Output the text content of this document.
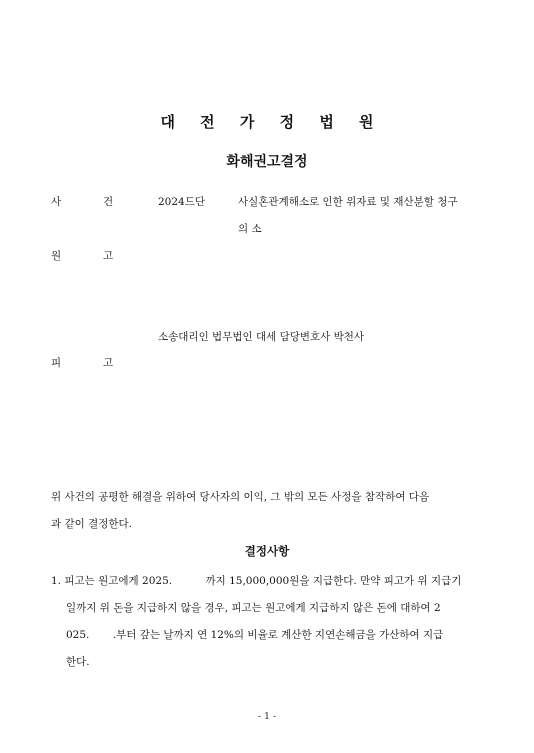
대 전 가 정 법 원
화해권고결정
사	건	2024드단	사실혼관계해소로 인한 위자료 및 재산분할 청구
의 소
원	고
소송대리인 법무법인 대세 담당변호사 박천사
피	고
위 사건의 공평한 해결을 위하여 당사자의 이익, 그 밖의 모든 사정을 참작하여 다음
과 같이 결정한다.
결정사항
1. 피고는 원고에게 2025.          까지 15,000,000원을 지급한다. 만약 피고가 위 지급기
일까지 위 돈을 지급하지 않을 경우, 피고는 원고에게 지급하지 않은 돈에 대하여 2
025.       .부터 갚는 날까지 연 12%의 비율로 계산한 지연손해금을 가산하여 지급
한다.
- 1 -
